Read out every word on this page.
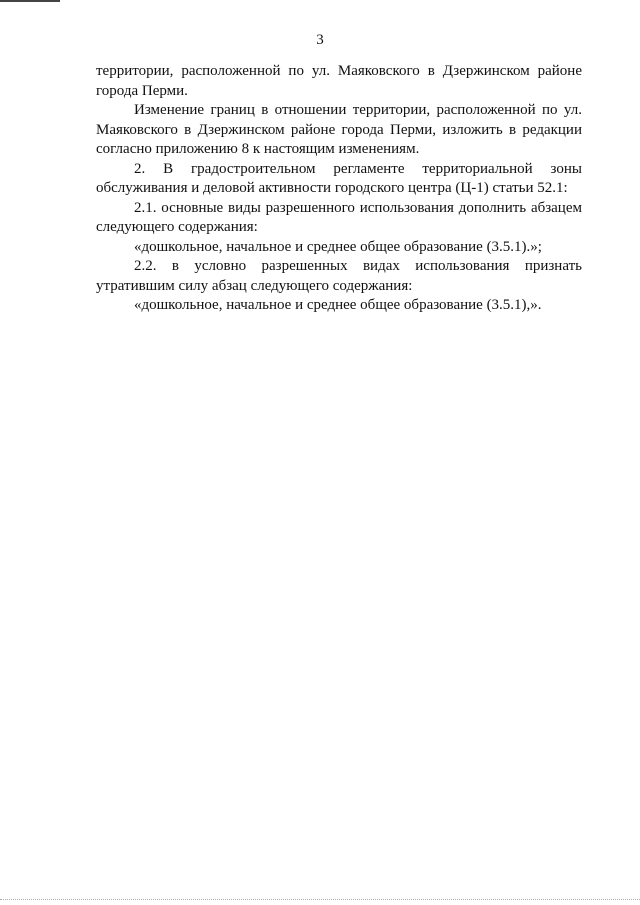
3

территории, расположенной по ул. Маяковского в Дзержинском районе города Перми.

Изменение границ в отношении территории, расположенной по ул. Маяковского в Дзержинском районе города Перми, изложить в редакции согласно приложению 8 к настоящим изменениям.

2. В градостроительном регламенте территориальной зоны обслуживания и деловой активности городского центра (Ц-1) статьи 52.1:

2.1. основные виды разрешенного использования дополнить абзацем следующего содержания:

«дошкольное, начальное и среднее общее образование (3.5.1).»;

2.2. в условно разрешенных видах использования признать утратившим силу абзац следующего содержания:

«дошкольное, начальное и среднее общее образование (3.5.1),».
